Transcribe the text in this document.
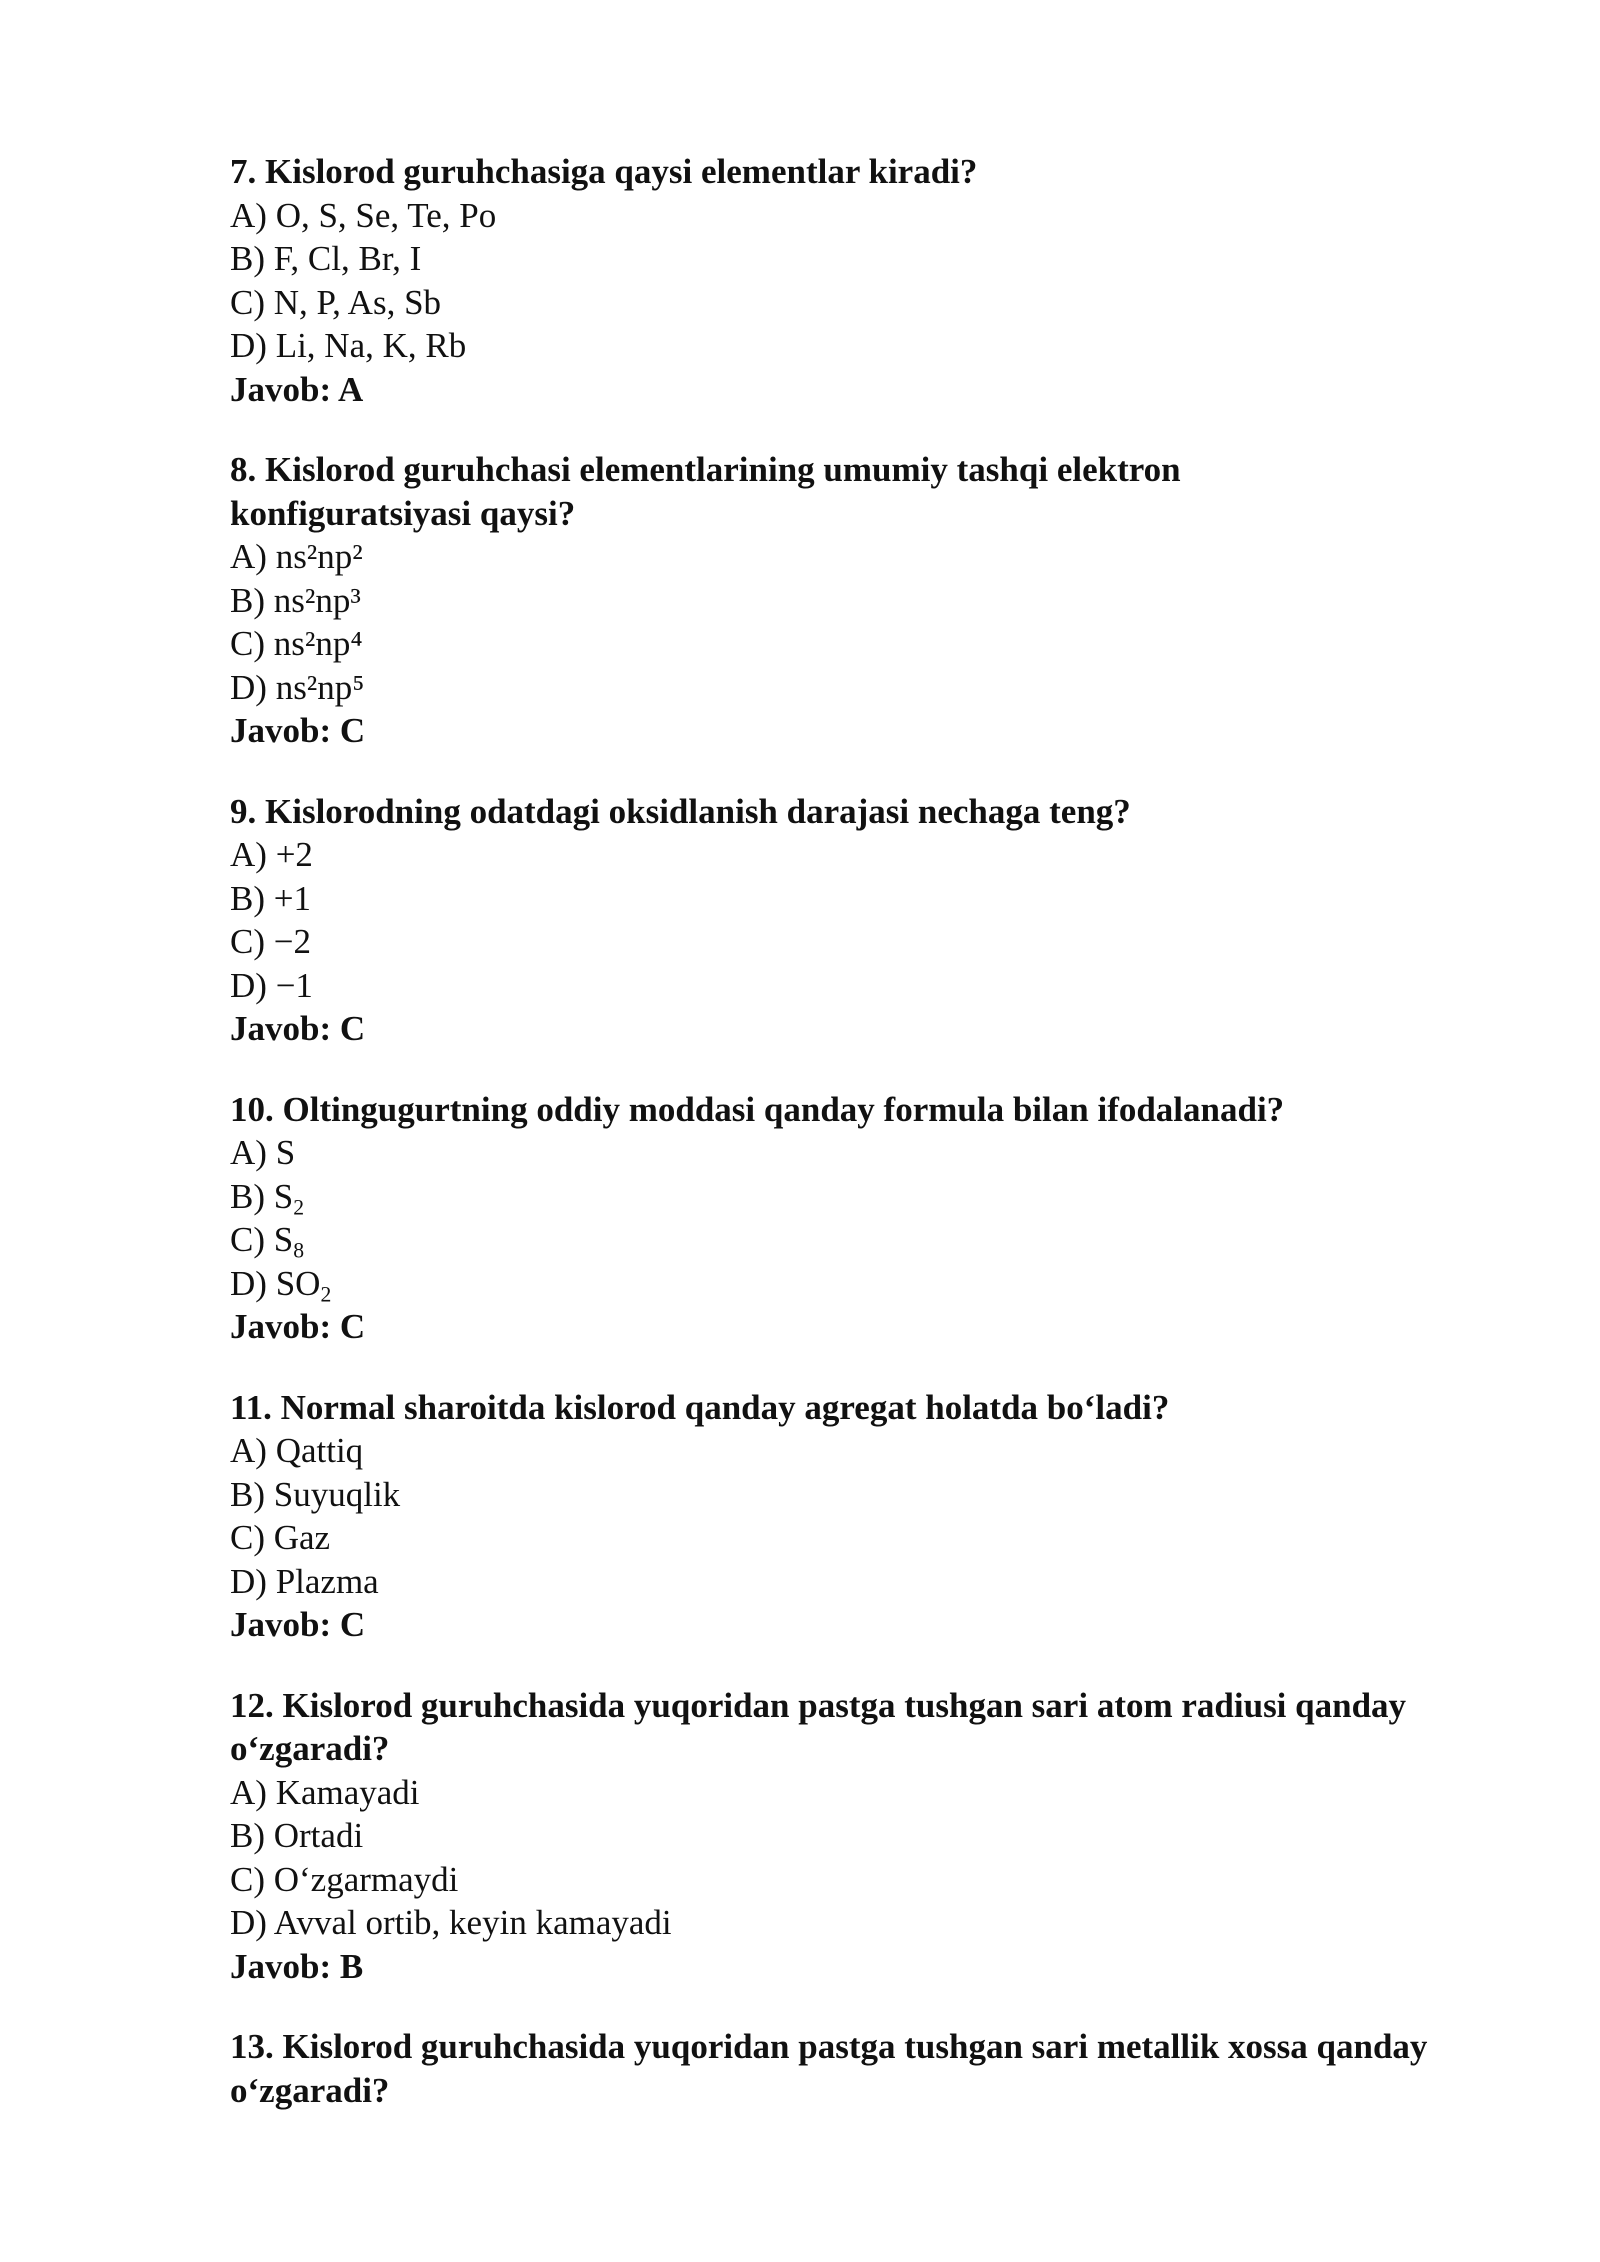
7. Kislorod guruhchasiga qaysi elementlar kiradi?
A) O, S, Se, Te, Po
B) F, Cl, Br, I
C) N, P, As, Sb
D) Li, Na, K, Rb
Javob: A
8. Kislorod guruhchasi elementlarining umumiy tashqi elektron konfiguratsiyasi qaysi?
A) ns²np²
B) ns²np³
C) ns²np⁴
D) ns²np⁵
Javob: C
9. Kislorodning odatdagi oksidlanish darajasi nechaga teng?
A) +2
B) +1
C) −2
D) −1
Javob: C
10. Oltingugurtning oddiy moddasi qanday formula bilan ifodalanadi?
A) S
B) $S_2$
C) $S_8$
D) $SO_2$
Javob: C
11. Normal sharoitda kislorod qanday agregat holatda bo‘ladi?
A) Qattiq
B) Suyuqlik
C) Gaz
D) Plazma
Javob: C
12. Kislorod guruhchasida yuqoridan pastga tushgan sari atom radiusi qanday o‘zgaradi?
A) Kamayadi
B) Ortadi
C) O‘zgarmaydi
D) Avval ortib, keyin kamayadi
Javob: B
13. Kislorod guruhchasida yuqoridan pastga tushgan sari metallik xossa qanday o‘zgaradi?
